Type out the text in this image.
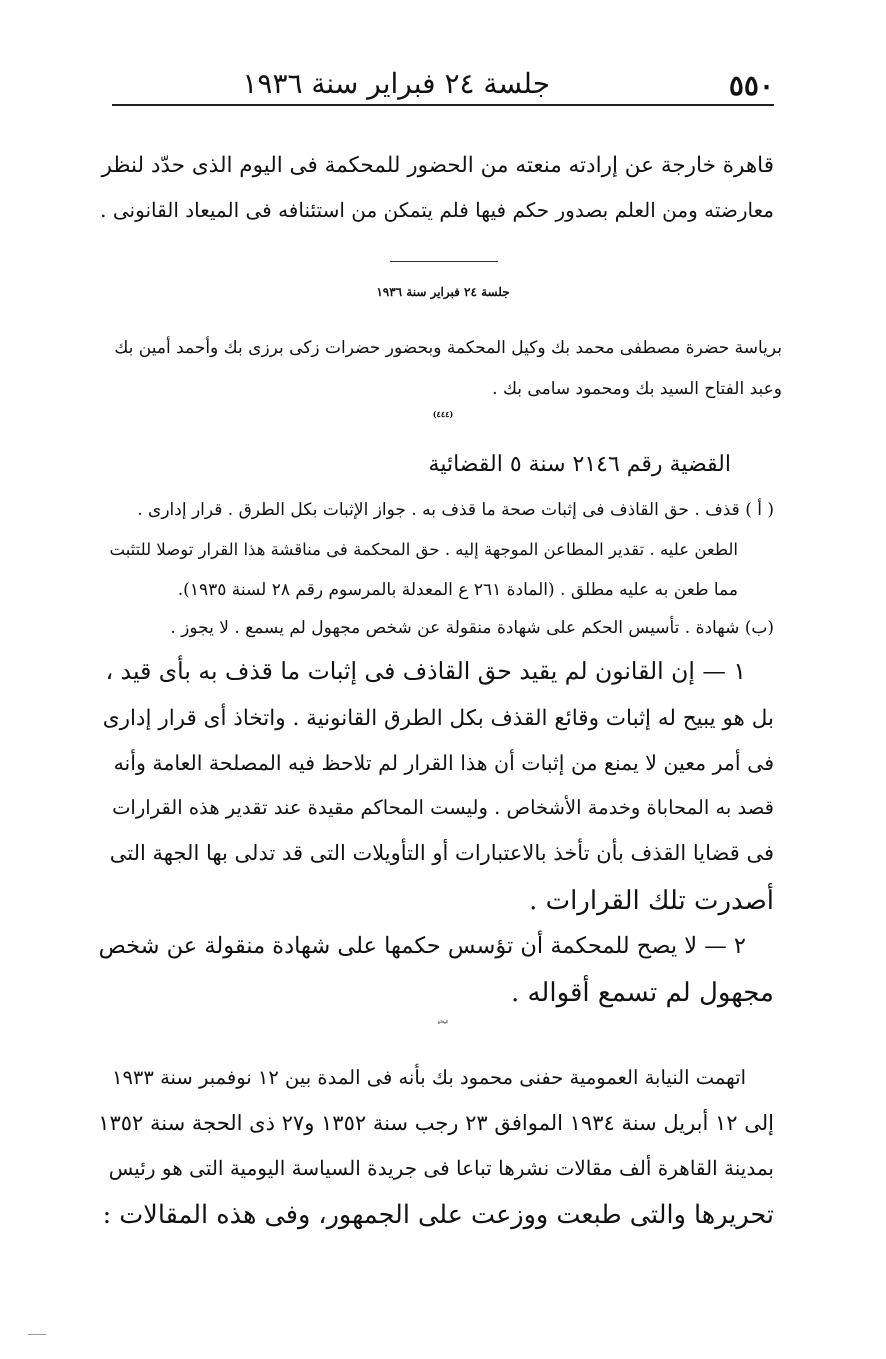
٥٥٠
جلسة ٢٤ فبراير سنة ١٩٣٦
قاهرة خارجة عن إرادته منعته من الحضور للمحكمة فى اليوم الذى حدّد لنظر
معارضته ومن العلم بصدور حكم فيها فلم يتمكن من استئنافه فى الميعاد القانونى .
جلسة ٢٤ فبراير سنة ١٩٣٦
برياسة حضرة مصطفى محمد بك وكيل المحكمة وبحضور حضرات زكى برزى بك وأحمد أمين بك
وعبد الفتاح السيد بك ومحمود سامى بك .
(٤٤٤)
القضية رقم ٢١٤٦ سنة ٥ القضائية
( أ ) قذف . حق القاذف فى إثبات صحة ما قذف به . جواز الإثبات بكل الطرق . قرار إدارى .
الطعن عليه . تقدير المطاعن الموجهة إليه . حق المحكمة فى مناقشة هذا القرار توصلا للتثبت
مما طعن به عليه مطلق . (المادة ٢٦١ ع المعدلة بالمرسوم رقم ٢٨ لسنة ١٩٣٥).
(ب) شهادة . تأسيس الحكم على شهادة منقولة عن شخص مجهول لم يسمع . لا يجوز .
١ — إن القانون لم يقيد حق القاذف فى إثبات ما قذف به بأى قيد ،
بل هو يبيح له إثبات وقائع القذف بكل الطرق القانونية . واتخاذ أى قرار إدارى
فى أمر معين لا يمنع من إثبات أن هذا القرار لم تلاحظ فيه المصلحة العامة وأنه
قصد به المحاباة وخدمة الأشخاص . وليست المحاكم مقيدة عند تقدير هذه القرارات
فى قضايا القذف بأن تأخذ بالاعتبارات أو التأويلات التى قد تدلى بها الجهة التى
أصدرت تلك القرارات .
٢ — لا يصح للمحكمة أن تؤسس حكمها على شهادة منقولة عن شخص
مجهول لم تسمع أقواله .
الوقائع
اتهمت النيابة العمومية حفنى محمود بك بأنه فى المدة بين ١٢ نوفمبر سنة ١٩٣٣
إلى ١٢ أبريل سنة ١٩٣٤ الموافق ٢٣ رجب سنة ١٣٥٢ و٢٧ ذى الحجة سنة ١٣٥٢
بمدينة القاهرة ألف مقالات نشرها تباعا فى جريدة السياسة اليومية التى هو رئيس
تحريرها والتى طبعت ووزعت على الجمهور، وفى هذه المقالات :
